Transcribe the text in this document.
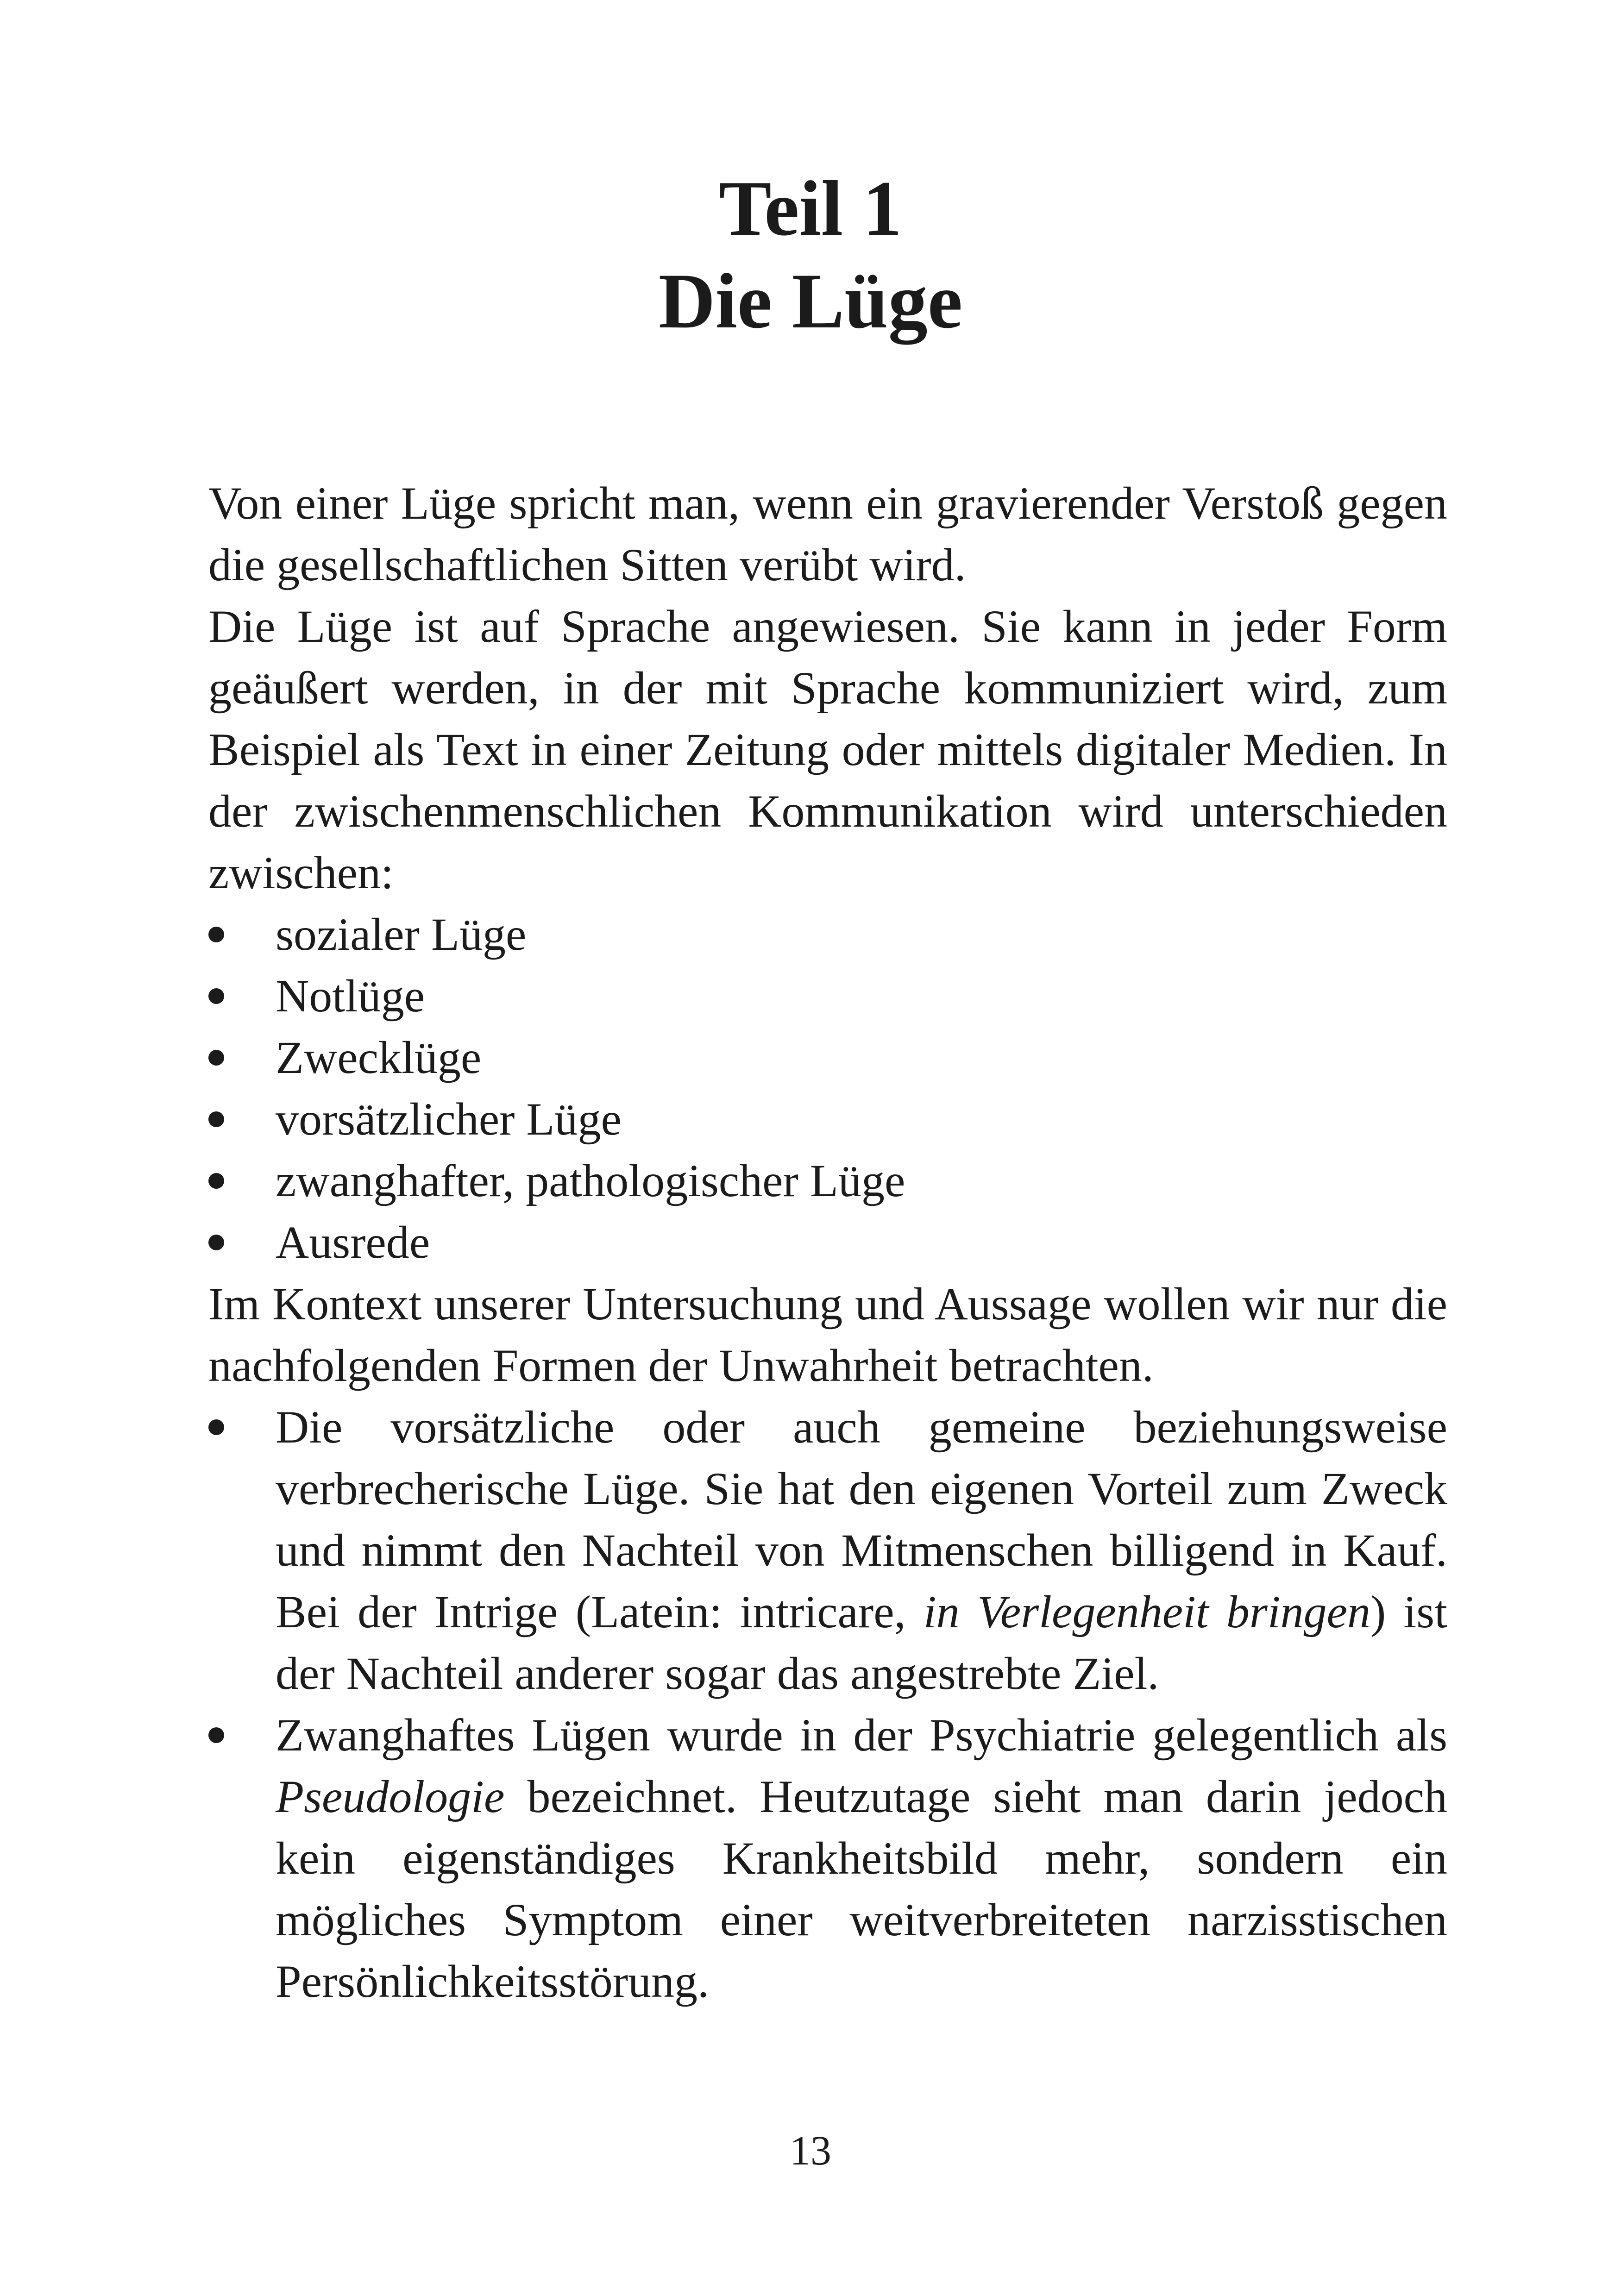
Teil 1
Die Lüge

Von einer Lüge spricht man, wenn ein gravierender Verstoß gegen die gesellschaftlichen Sitten verübt wird.

Die Lüge ist auf Sprache angewiesen. Sie kann in jeder Form geäußert werden, in der mit Sprache kommuniziert wird, zum Beispiel als Text in einer Zeitung oder mittels digitaler Medien. In der zwischenmenschlichen Kommunikation wird unterschieden zwischen:

sozialer Lüge
Notlüge
Zwecklüge
vorsätzlicher Lüge
zwanghafter, pathologischer Lüge
Ausrede

Im Kontext unserer Untersuchung und Aussage wollen wir nur die nachfolgenden Formen der Unwahrheit betrachten.

Die vorsätzliche oder auch gemeine beziehungsweise verbrecherische Lüge. Sie hat den eigenen Vorteil zum Zweck und nimmt den Nachteil von Mitmenschen billigend in Kauf. Bei der Intrige (Latein: intricare, in Verlegenheit bringen) ist der Nachteil anderer sogar das angestrebte Ziel.
Zwanghaftes Lügen wurde in der Psychiatrie gelegentlich als Pseudologie bezeichnet. Heutzutage sieht man darin jedoch kein eigenständiges Krankheitsbild mehr, sondern ein mögliches Symptom einer weitverbreiteten narzisstischen Persönlichkeitsstörung.
13
